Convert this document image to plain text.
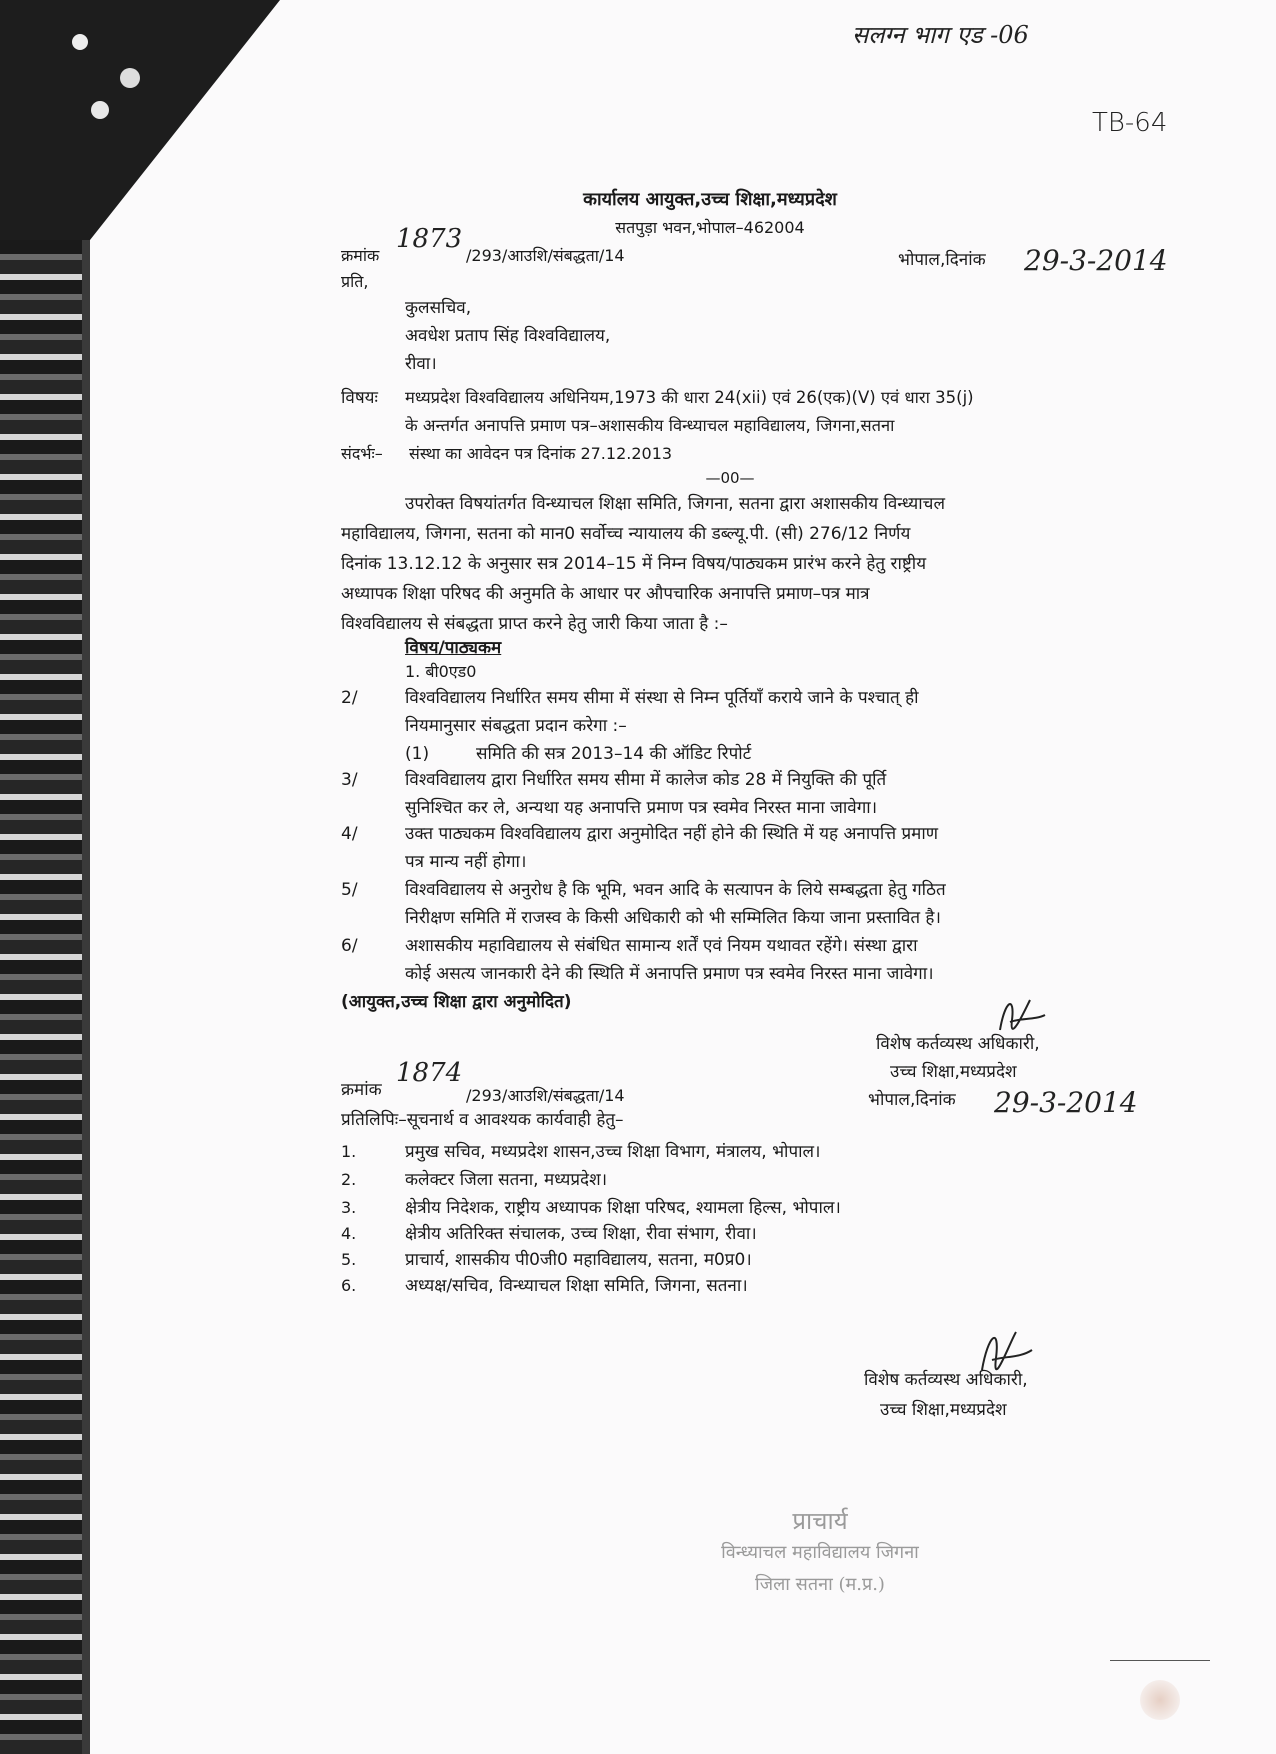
सलग्न भाग एड -06
TB-64
कार्यालय आयुक्त,उच्च शिक्षा,मध्यप्रदेश
सतपुड़ा भवन,भोपाल–462004
क्रमांक
1873
/293/आउशि/संबद्धता/14	भोपाल,दिनांक 29-3-2014
प्रति,
कुलसचिव,
अवधेश प्रताप सिंह विश्वविद्यालय,
रीवा।
विषयः मध्यप्रदेश विश्वविद्यालय अधिनियम,1973 की धारा 24(xii) एवं 26(एक)(V) एवं धारा 35(j)
के अन्तर्गत अनापत्ति प्रमाण पत्र–अशासकीय विन्ध्याचल महाविद्यालय, जिगना,सतना
संदर्भः– संस्था का आवेदन पत्र दिनांक 27.12.2013
—00—
उपरोक्त विषयांतर्गत विन्ध्याचल शिक्षा समिति, जिगना, सतना द्वारा अशासकीय विन्ध्याचल
महाविद्यालय, जिगना, सतना को मान0 सर्वोच्च न्यायालय की डब्ल्यू.पी. (सी) 276/12 निर्णय
दिनांक 13.12.12 के अनुसार सत्र 2014–15 में निम्न विषय/पाठ्यकम प्रारंभ करने हेतु राष्ट्रीय
अध्यापक शिक्षा परिषद की अनुमति के आधार पर औपचारिक अनापत्ति प्रमाण–पत्र मात्र
विश्वविद्यालय से संबद्धता प्राप्त करने हेतु जारी किया जाता है :–
विषय/पाठ्यकम
1. बी0एड0
2/	विश्वविद्यालय निर्धारित समय सीमा में संस्था से निम्न पूर्तियाँ कराये जाने के पश्चात् ही
नियमानुसार संबद्धता प्रदान करेगा :–
(1)	समिति की सत्र 2013–14 की ऑडिट रिपोर्ट
3/	विश्वविद्यालय द्वारा निर्धारित समय सीमा में कालेज कोड 28 में नियुक्ति की पूर्ति
सुनिश्चित कर ले, अन्यथा यह अनापत्ति प्रमाण पत्र स्वमेव निरस्त माना जावेगा।
4/	उक्त पाठ्यकम विश्वविद्यालय द्वारा अनुमोदित नहीं होने की स्थिति में यह अनापत्ति प्रमाण
पत्र मान्य नहीं होगा।
5/	विश्वविद्यालय से अनुरोध है कि भूमि, भवन आदि के सत्यापन के लिये सम्बद्धता हेतु गठित
निरीक्षण समिति में राजस्व के किसी अधिकारी को भी सम्मिलित किया जाना प्रस्तावित है।
6/	अशासकीय महाविद्यालय से संबंधित सामान्य शर्तें एवं नियम यथावत रहेंगे। संस्था द्वारा
कोई असत्य जानकारी देने की स्थिति में अनापत्ति प्रमाण पत्र स्वमेव निरस्त माना जावेगा।
(आयुक्त,उच्च शिक्षा द्वारा अनुमोदित)
विशेष कर्तव्यस्थ अधिकारी,
उच्च शिक्षा,मध्यप्रदेश
क्रमांक
1874
/293/आउशि/संबद्धता/14	भोपाल,दिनांक 29-3-2014
प्रतिलिपिः–सूचनार्थ व आवश्यक कार्यवाही हेतु–
1.	प्रमुख सचिव, मध्यप्रदेश शासन,उच्च शिक्षा विभाग, मंत्रालय, भोपाल।
2.	कलेक्टर जिला सतना, मध्यप्रदेश।
3.	क्षेत्रीय निदेशक, राष्ट्रीय अध्यापक शिक्षा परिषद, श्यामला हिल्स, भोपाल।
4.	क्षेत्रीय अतिरिक्त संचालक, उच्च शिक्षा, रीवा संभाग, रीवा।
5.	प्राचार्य, शासकीय पी0जी0 महाविद्यालय, सतना, म0प्र0।
6.	अध्यक्ष/सचिव, विन्ध्याचल शिक्षा समिति, जिगना, सतना।
विशेष कर्तव्यस्थ अधिकारी,
उच्च शिक्षा,मध्यप्रदेश
प्राचार्य
विन्ध्याचल महाविद्यालय जिगना
जिला सतना (म.प्र.)
